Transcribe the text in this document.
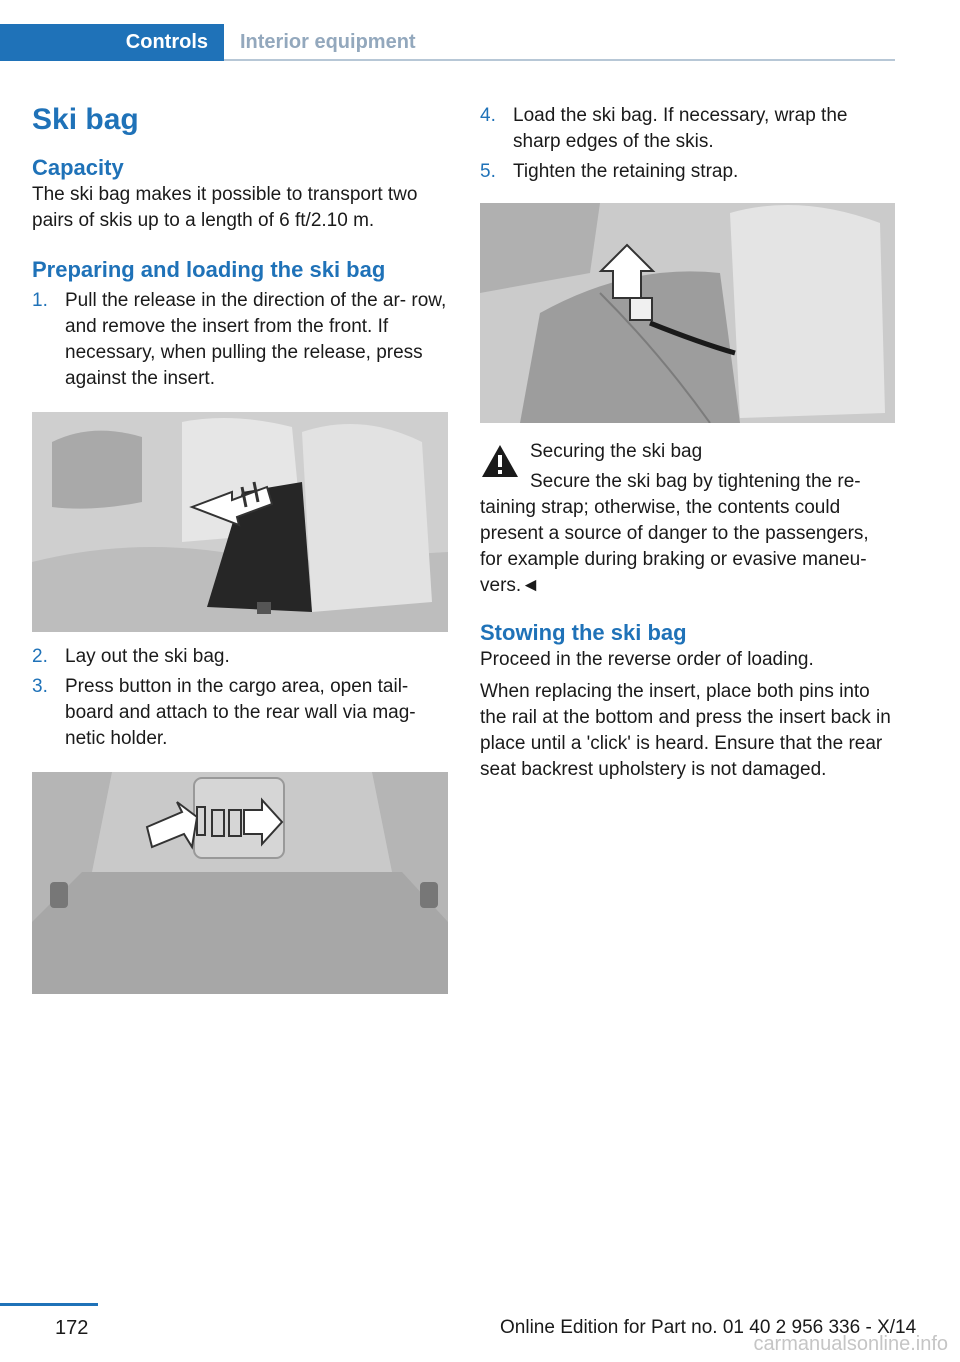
Controls	Interior equipment
Ski bag
Capacity

The ski bag makes it possible to transport two pairs of skis up to a length of 6 ft/2.10 m.

Preparing and loading the ski bag
1. Pull the release in the direction of the ar‐ row, and remove the insert from the front. If necessary, when pulling the release, press against the insert.
2. Lay out the ski bag.
3. Press button in the cargo area, open tail‐ board and attach to the rear wall via mag‐ netic holder.
4. Load the ski bag. If necessary, wrap the sharp edges of the skis.
5. Tighten the retaining strap.

Securing the ski bag

Secure the ski bag by tightening the re‐

taining strap; otherwise, the contents could present a source of danger to the passengers, for example during braking or evasive maneu‐ vers.◄

Stowing the ski bag

Proceed in the reverse order of loading.

When replacing the insert, place both pins into the rail at the bottom and press the insert back in place until a 'click' is heard. Ensure that the rear seat backrest upholstery is not damaged.

172	Online Edition for Part no. 01 40 2 956 336 - X/14
carmanualsonline.info
